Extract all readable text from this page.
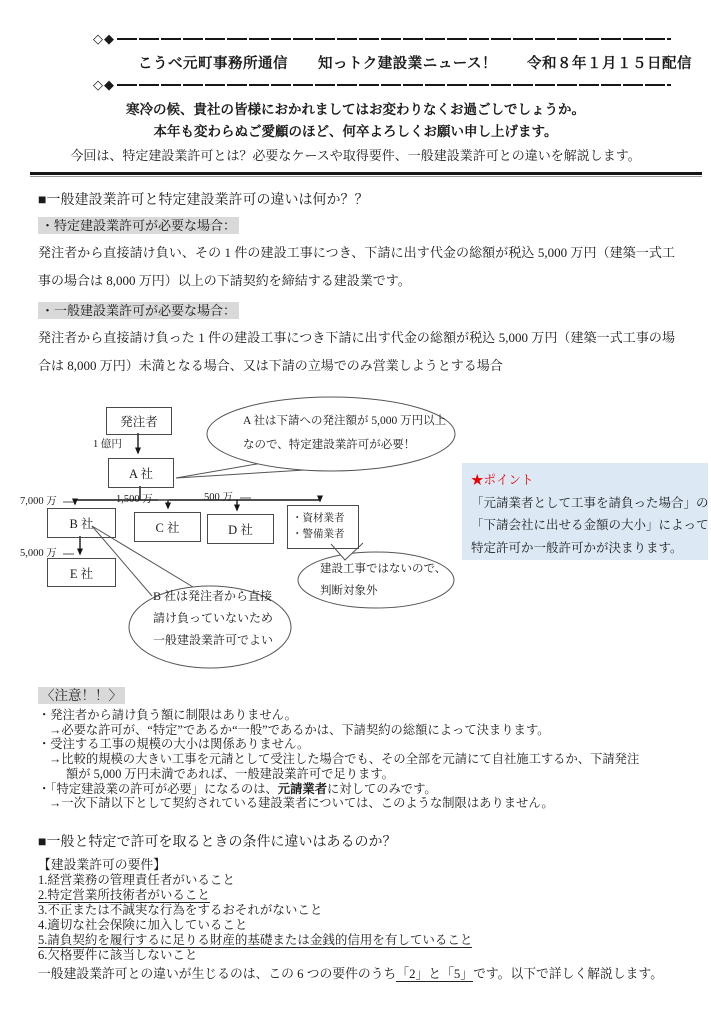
◇◆
こうべ元町事務所通信　　知っトク建設業ニュース！　　令和８年１月１５日配信
◇◆

寒冷の候、貴社の皆様におかれましてはお変わりなくお過ごしでしょうか。

本年も変わらぬご愛顧のほど、何卒よろしくお願い申し上げます。

今回は、特定建設業許可とは？必要なケースや取得要件、一般建設業許可との違いを解説します。

■一般建設業許可と特定建設業許可の違いは何か？？
・特定建設業許可が必要な場合：

発注者から直接請け負い、その 1 件の建設工事につき、下請に出す代金の総額が税込 5,000 万円（建築一式工事の場合は 8,000 万円）以上の下請契約を締結する建設業です。

・一般建設業許可が必要な場合：

発注者から直接請け負った 1 件の建設工事につき下請に出す代金の総額が税込 5,000 万円（建築一式工事の場合は 8,000 万円）未満となる場合、又は下請の立場でのみ営業しようとする場合

発注者
A 社
B 社	C 社	D 社
・資材業者
・警備業者
E 社
1 億円
7,000 万	1,500 万	500 万
5,000 万
A 社は下請への発注額が 5,000 万円以上
なので、特定建設業許可が必要！
B 社は発注者から直接
請け負っていないため
一般建設業許可でよい
建設工事ではないので、
判断対象外

★ポイント

「元請業者として工事を請負った場合」の

「下請会社に出せる金額の大小」によって

特定許可か一般許可かが決まります。

〈注意！！〉
・発注者から請け負う額に制限はありません。
→必要な許可が、“特定”であるか“一般”であるかは、下請契約の総額によって決まります。
・受注する工事の規模の大小は関係ありません。
→比較的規模の大きい工事を元請として受注した場合でも、その全部を元請にて自社施工するか、下請発注
額が 5,000 万円未満であれば、一般建設業許可で足ります。
・「特定建設業の許可が必要」になるのは、元請業者に対してのみです。
→一次下請以下として契約されている建設業者については、このような制限はありません。
■一般と特定で許可を取るときの条件に違いはあるのか？
【建設業許可の要件】
1.経営業務の管理責任者がいること
2.特定営業所技術者がいること
3.不正または不誠実な行為をするおそれがないこと
4.適切な社会保険に加入していること
5.請負契約を履行するに足りる財産的基礎または金銭的信用を有していること
6.欠格要件に該当しないこと
一般建設業許可との違いが生じるのは、この 6 つの要件のうち「2」と「5」です。以下で詳しく解説します。
